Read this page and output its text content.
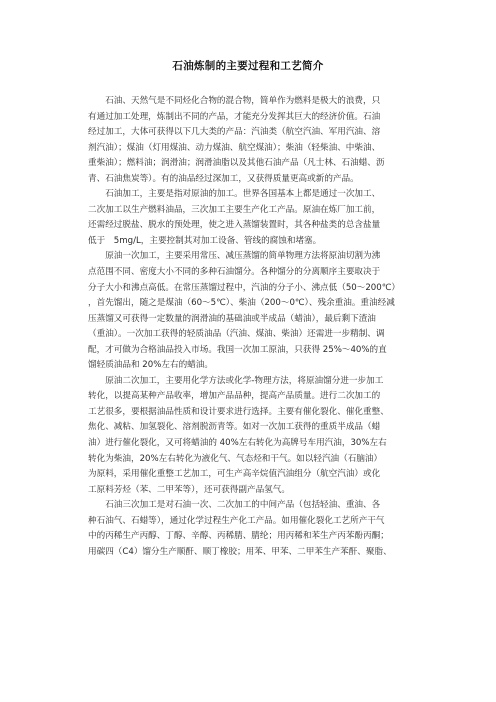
石油炼制的主要过程和工艺简介
　　石油、天然气是不同烃化合物的混合物，简单作为燃料是极大的浪费，只
有通过加工处理，炼制出不同的产品，才能充分发挥其巨大的经济价值。石油
经过加工，大体可获得以下几大类的产品：汽油类（航空汽油、军用汽油、溶
剂汽油）；煤油（灯用煤油、动力煤油、航空煤油）；柴油（轻柴油、中柴油、
重柴油）；燃料油；润滑油；润滑油脂以及其他石油产品（凡士林、石油蜡、沥
青、石油焦炭等）。有的油品经过深加工，又获得质量更高或新的产品。
　　石油加工，主要是指对原油的加工。世界各国基本上都是通过一次加工、
二次加工以生产燃料油品，三次加工主要生产化工产品。原油在炼厂加工前，
还需经过脱盐、脱水的预处理，使之进入蒸馏装置时，其各种盐类的总含盐量
低于　5mg/L，主要控制其对加工设备、管线的腐蚀和堵塞。
　　原油一次加工，主要采用常压、减压蒸馏的简单物理方法将原油切割为沸
点范围不同、密度大小不同的多种石油馏分。各种馏分的分离顺序主要取决于
分子大小和沸点高低。在常压蒸馏过程中，汽油的分子小、沸点低（50～200℃）
，首先馏出，随之是煤油（60～5℃）、柴油（200～0℃）、残余重油。重油经减
压蒸馏又可获得一定数量的润滑油的基础油或半成品（蜡油），最后剩下渣油
（重油）。一次加工获得的轻质油品（汽油、煤油、柴油）还需进一步精制、调
配，才可做为合格油品投入市场。我国一次加工原油，只获得 25%～40%的直
馏轻质油品和 20%左右的蜡油。
　　原油二次加工，主要用化学方法或化学-物理方法，将原油馏分进一步加工
转化，以提高某种产品收率，增加产品品种，提高产品质量。进行二次加工的
工艺很多，要根据油品性质和设计要求进行选择。主要有催化裂化、催化重整、
焦化、减粘、加氢裂化、溶剂脱沥青等。如对一次加工获得的重质半成品（蜡
油）进行催化裂化，又可将蜡油的 40%左右转化为高牌号车用汽油，30%左右
转化为柴油，20%左右转化为液化气、气态烃和干气。如以轻汽油（石脑油）
为原料，采用催化重整工艺加工，可生产高辛烷值汽油组分（航空汽油）或化
工原料芳烃（苯、二甲苯等），还可获得副产品氢气。
　　石油三次加工是对石油一次、二次加工的中间产品（包括轻油、重油、各
种石油气、石蜡等），通过化学过程生产化工产品。如用催化裂化工艺所产干气
中的丙稀生产丙醇、丁醇、辛醇、丙稀腈、腈纶；用丙稀和苯生产丙苯酚丙酮；
用碳四（C4）馏分生产顺酐、顺丁橡胶；用苯、甲苯、二甲苯生产苯酐、聚脂、
